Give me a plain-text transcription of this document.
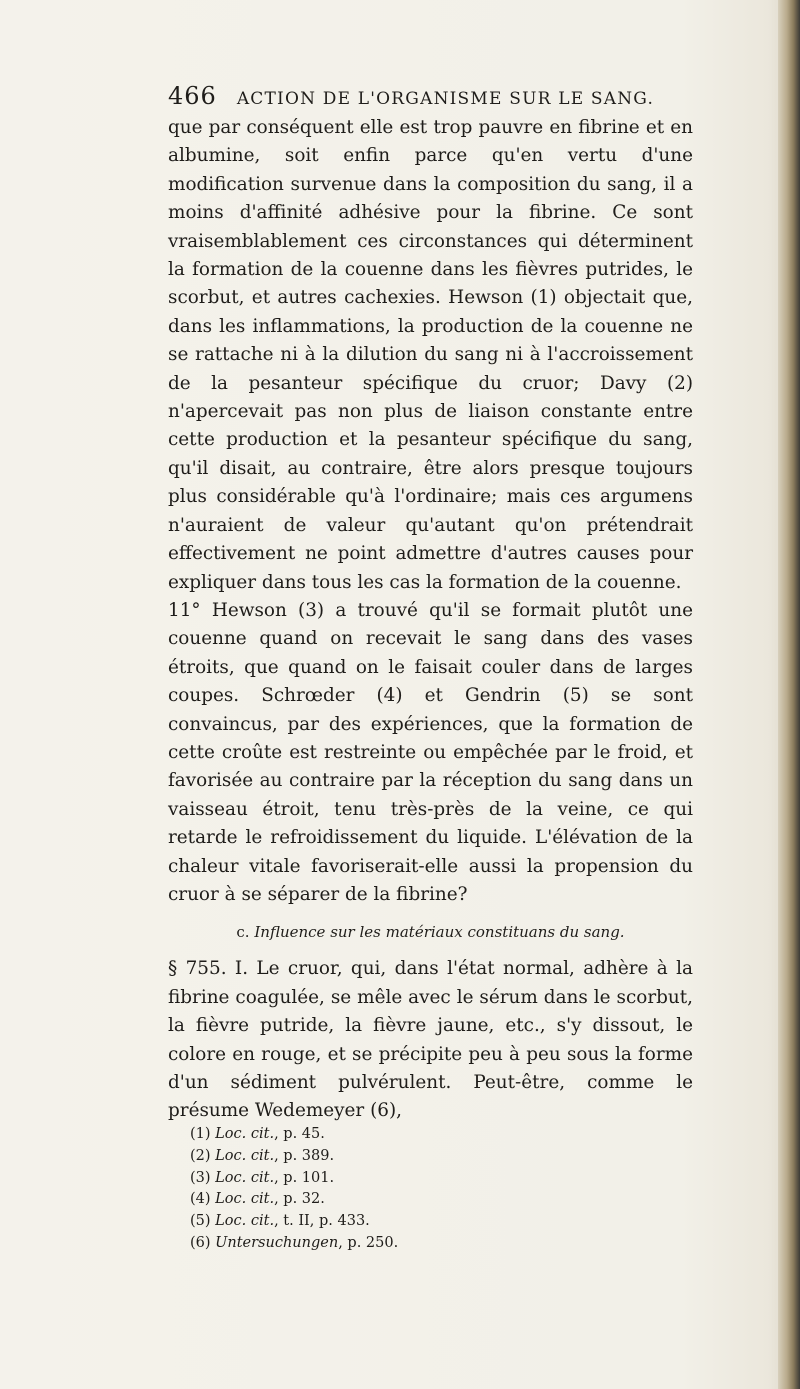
466 ACTION DE L'ORGANISME SUR LE SANG.

que par conséquent elle est trop pauvre en fibrine et en albumine, soit enfin parce qu'en vertu d'une modification survenue dans la composition du sang, il a moins d'affinité adhésive pour la fibrine. Ce sont vraisemblablement ces circonstances qui déterminent la formation de la couenne dans les fièvres putrides, le scorbut, et autres cachexies. Hewson (1) objectait que, dans les inflammations, la production de la couenne ne se rattache ni à la dilution du sang ni à l'accroissement de la pesanteur spécifique du cruor; Davy (2) n'apercevait pas non plus de liaison constante entre cette production et la pesanteur spécifique du sang, qu'il disait, au contraire, être alors presque toujours plus considérable qu'à l'ordinaire; mais ces argumens n'auraient de valeur qu'autant qu'on prétendrait effectivement ne point admettre d'autres causes pour expliquer dans tous les cas la formation de la couenne.

11° Hewson (3) a trouvé qu'il se formait plutôt une couenne quand on recevait le sang dans des vases étroits, que quand on le faisait couler dans de larges coupes. Schrœder (4) et Gendrin (5) se sont convaincus, par des expériences, que la formation de cette croûte est restreinte ou empêchée par le froid, et favorisée au contraire par la réception du sang dans un vaisseau étroit, tenu très-près de la veine, ce qui retarde le refroidissement du liquide. L'élévation de la chaleur vitale favoriserait-elle aussi la propension du cruor à se séparer de la fibrine?

c. Influence sur les matériaux constituans du sang.

§ 755. I. Le cruor, qui, dans l'état normal, adhère à la fibrine coagulée, se mêle avec le sérum dans le scorbut, la fièvre putride, la fièvre jaune, etc., s'y dissout, le colore en rouge, et se précipite peu à peu sous la forme d'un sédiment pulvérulent. Peut-être, comme le présume Wedemeyer (6),

(1) Loc. cit., p. 45.
(2) Loc. cit., p. 389.
(3) Loc. cit., p. 101.
(4) Loc. cit., p. 32.
(5) Loc. cit., t. II, p. 433.
(6) Untersuchungen, p. 250.
